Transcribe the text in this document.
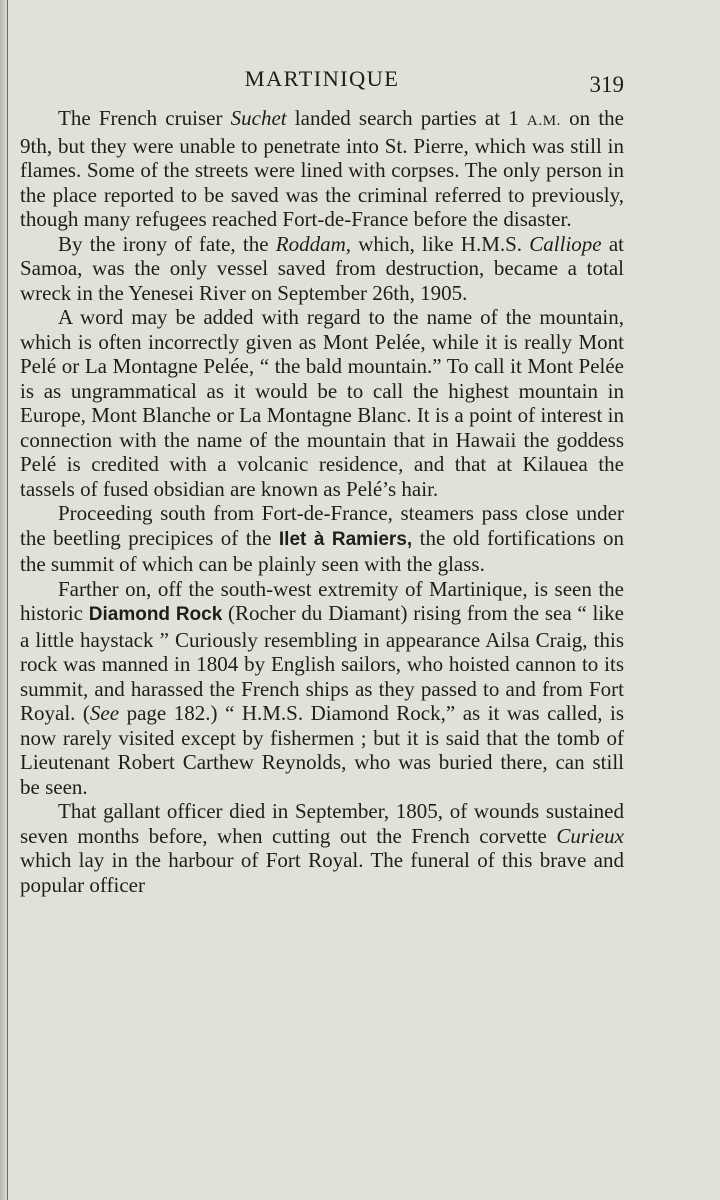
MARTINIQUE	319

The French cruiser Suchet landed search parties at 1 A.M. on the 9th, but they were unable to penetrate into St. Pierre, which was still in flames. Some of the streets were lined with corpses. The only person in the place reported to be saved was the criminal referred to previously, though many refugees reached Fort-de-France before the disaster.

By the irony of fate, the Roddam, which, like H.M.S. Calliope at Samoa, was the only vessel saved from destruction, became a total wreck in the Yenesei River on September 26th, 1905.

A word may be added with regard to the name of the mountain, which is often incorrectly given as Mont Pelée, while it is really Mont Pelé or La Montagne Pelée, “ the bald mountain.” To call it Mont Pelée is as ungrammatical as it would be to call the highest mountain in Europe, Mont Blanche or La Montagne Blanc. It is a point of interest in connection with the name of the mountain that in Hawaii the goddess Pelé is credited with a volcanic residence, and that at Kilauea the tassels of fused obsidian are known as Pelé’s hair.

Proceeding south from Fort-de-France, steamers pass close under the beetling precipices of the Ilet à Ramiers, the old fortifications on the summit of which can be plainly seen with the glass.

Farther on, off the south-west extremity of Martinique, is seen the historic Diamond Rock (Rocher du Diamant) rising from the sea “ like a little haystack ” Curiously resembling in appearance Ailsa Craig, this rock was manned in 1804 by English sailors, who hoisted cannon to its summit, and harassed the French ships as they passed to and from Fort Royal. (See page 182.) “ H.M.S. Diamond Rock,” as it was called, is now rarely visited except by fishermen ; but it is said that the tomb of Lieutenant Robert Carthew Reynolds, who was buried there, can still be seen.

That gallant officer died in September, 1805, of wounds sustained seven months before, when cutting out the French corvette Curieux which lay in the harbour of Fort Royal. The funeral of this brave and popular officer
